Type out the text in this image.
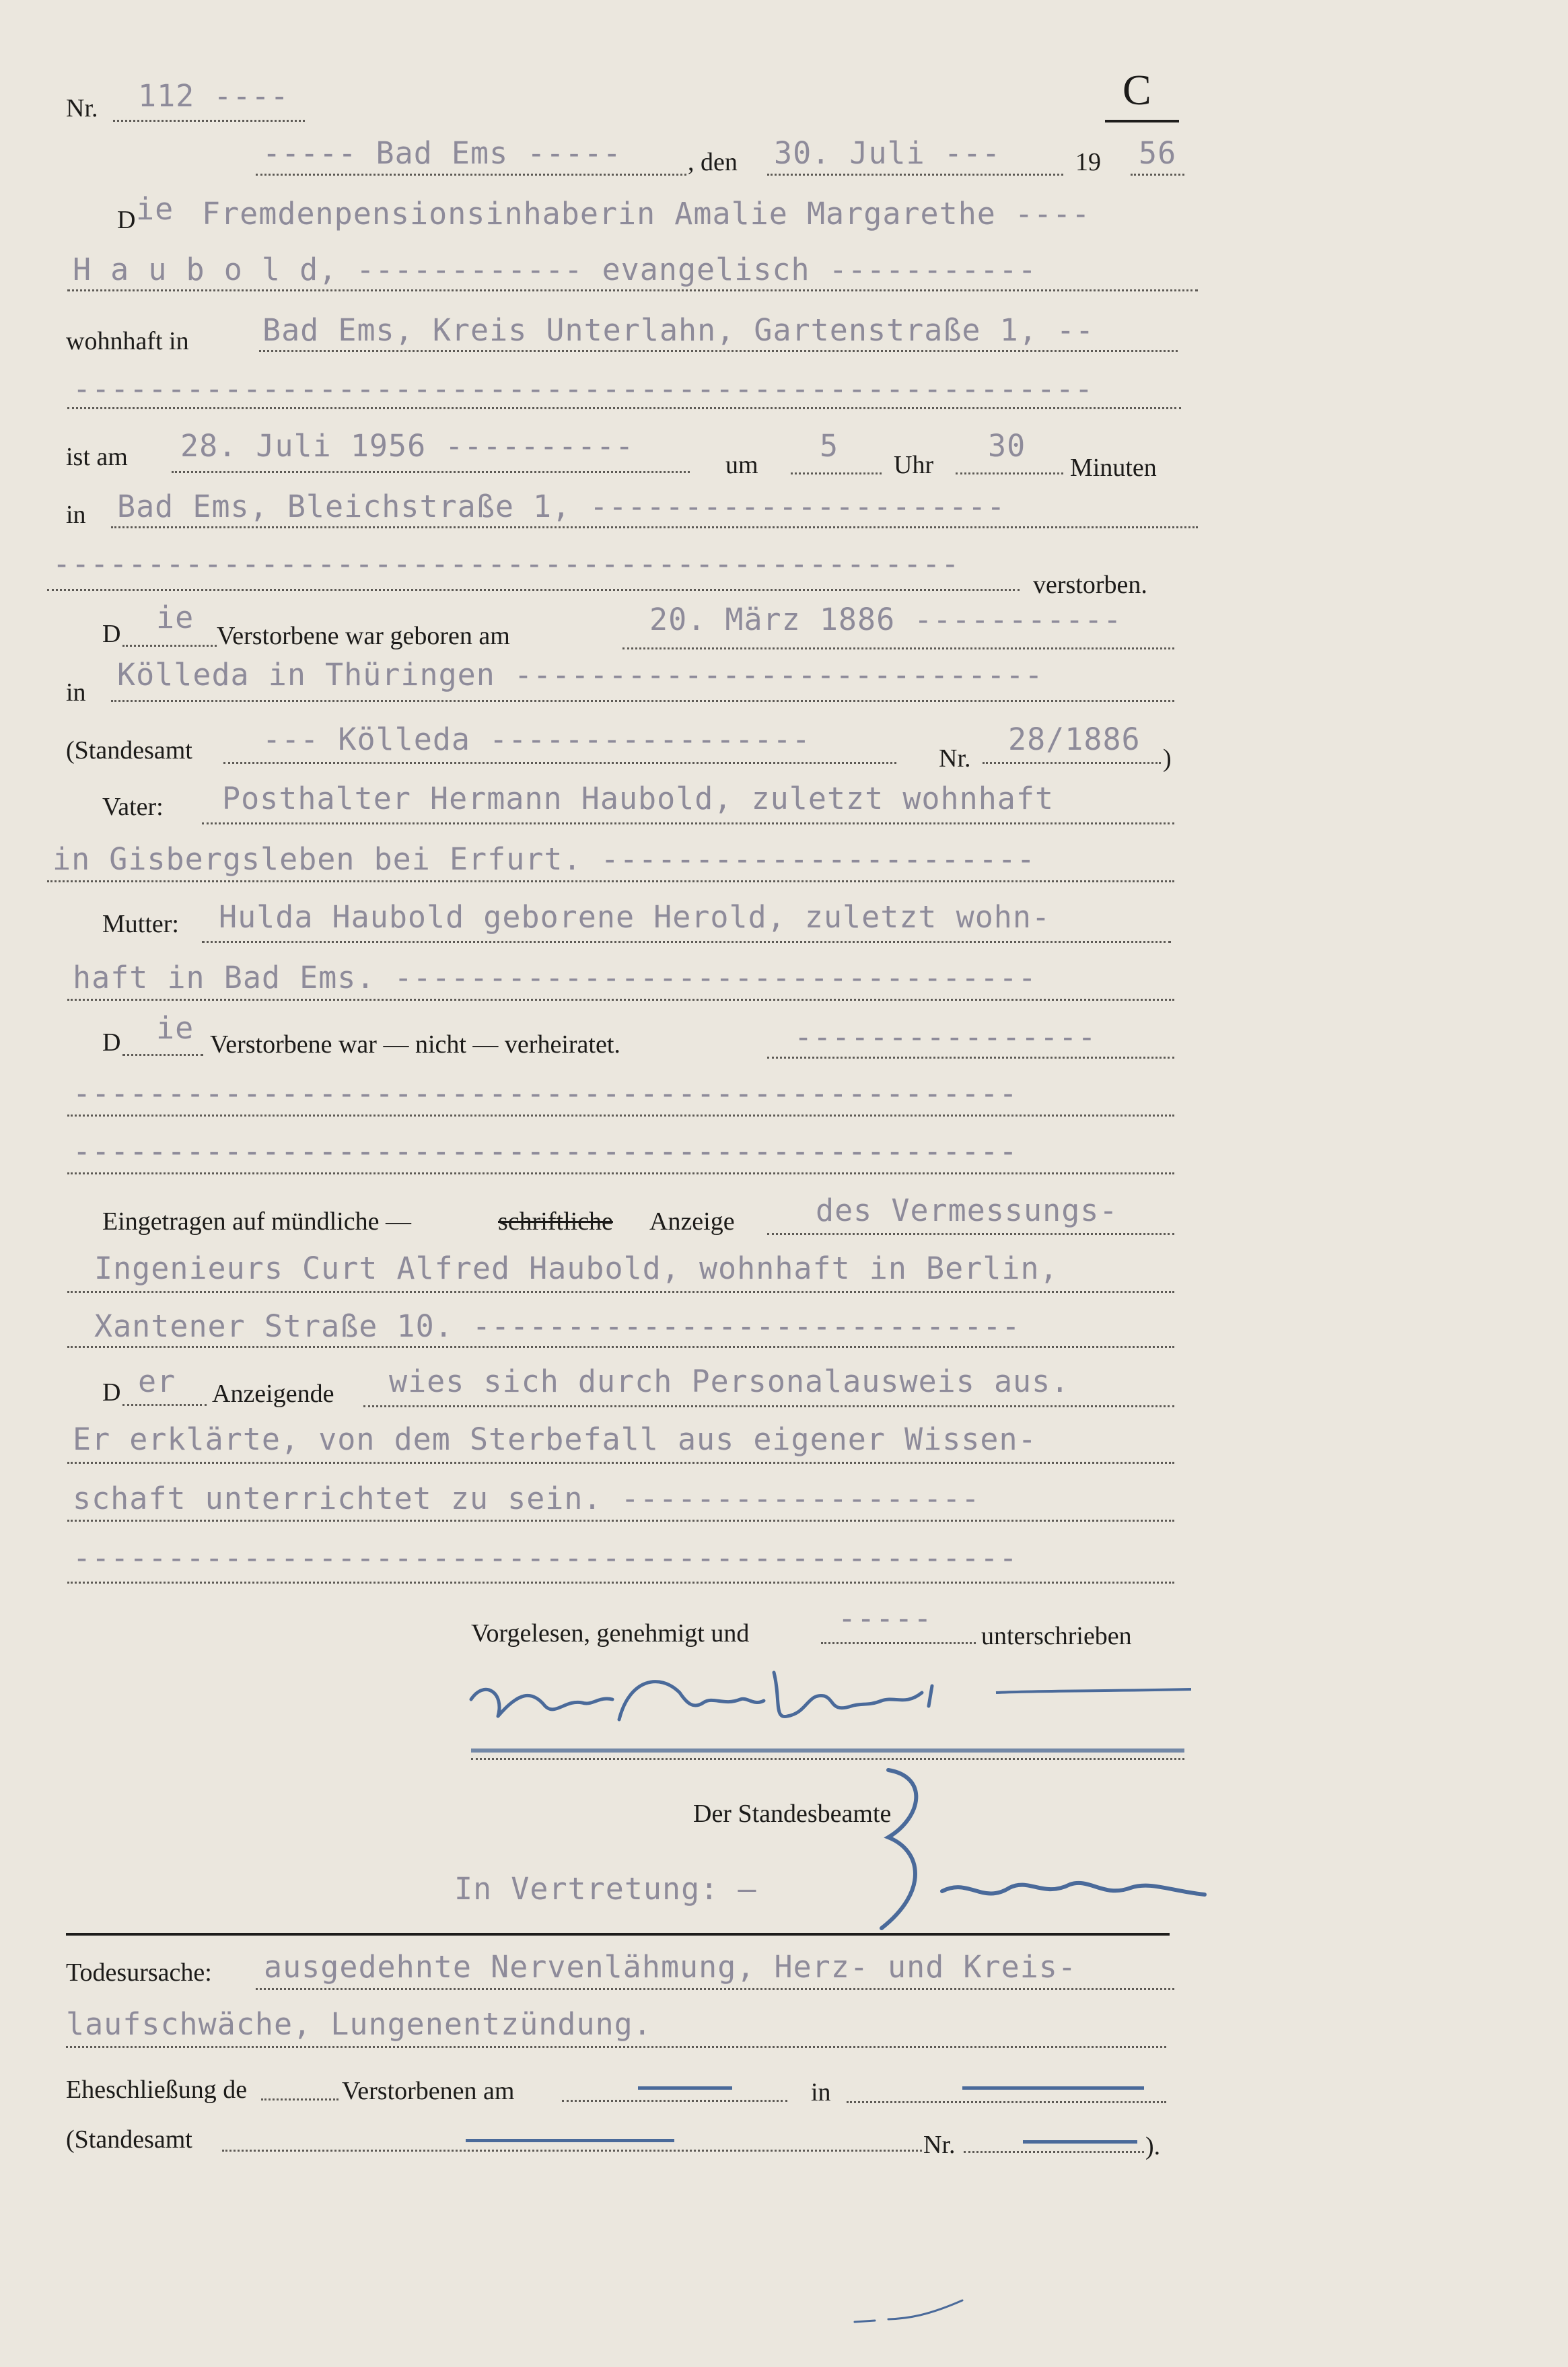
Nr. 112 ----	C
----- Bad Ems -----	, den 30. Juli ---	19 56
D ie Fremdenpensionsinhaberin Amalie Margarethe ----
H a u b o l d, ------------ evangelisch -----------
wohnhaft in Bad Ems, Kreis Unterlahn, Gartenstraße 1, --
------------------------------------------------------
ist am 28. Juli 1956 ----------
um
5
Uhr
30
Minuten
in Bad Ems, Bleichstraße 1, ----------------------
------------------------------------------------
verstorben.
D ie
Verstorbene war geboren am	20. März 1886 -----------
in Kölleda in Thüringen ----------------------------
(Standesamt --- Kölleda -----------------
Nr.
28/1886
)
Vater: Posthalter Hermann Haubold, zuletzt wohnhaft
in Gisbergsleben bei Erfurt. -----------------------
Mutter: Hulda Haubold geborene Herold, zuletzt wohn-
haft in Bad Ems. ----------------------------------
D ie Verstorbene war — nicht — verheiratet.	----------------
--------------------------------------------------
--------------------------------------------------
Eingetragen auf mündliche —	schriftliche Anzeige	des Vermessungs-
Ingenieurs Curt Alfred Haubold, wohnhaft in Berlin,
Xantener Straße 10. -----------------------------
D er Anzeigende wies sich durch Personalausweis aus.
Er erklärte, von dem Sterbefall aus eigener Wissen-
schaft unterrichtet zu sein. -------------------
--------------------------------------------------
Vorgelesen, genehmigt und	----- unterschrieben
Der Standesbeamte
In Vertretung: —
Todesursache: ausgedehnte Nervenlähmung, Herz- und Kreis-
laufschwäche, Lungenentzündung.
Eheschließung de	Verstorbenen am	in
(Standesamt	Nr.	).
